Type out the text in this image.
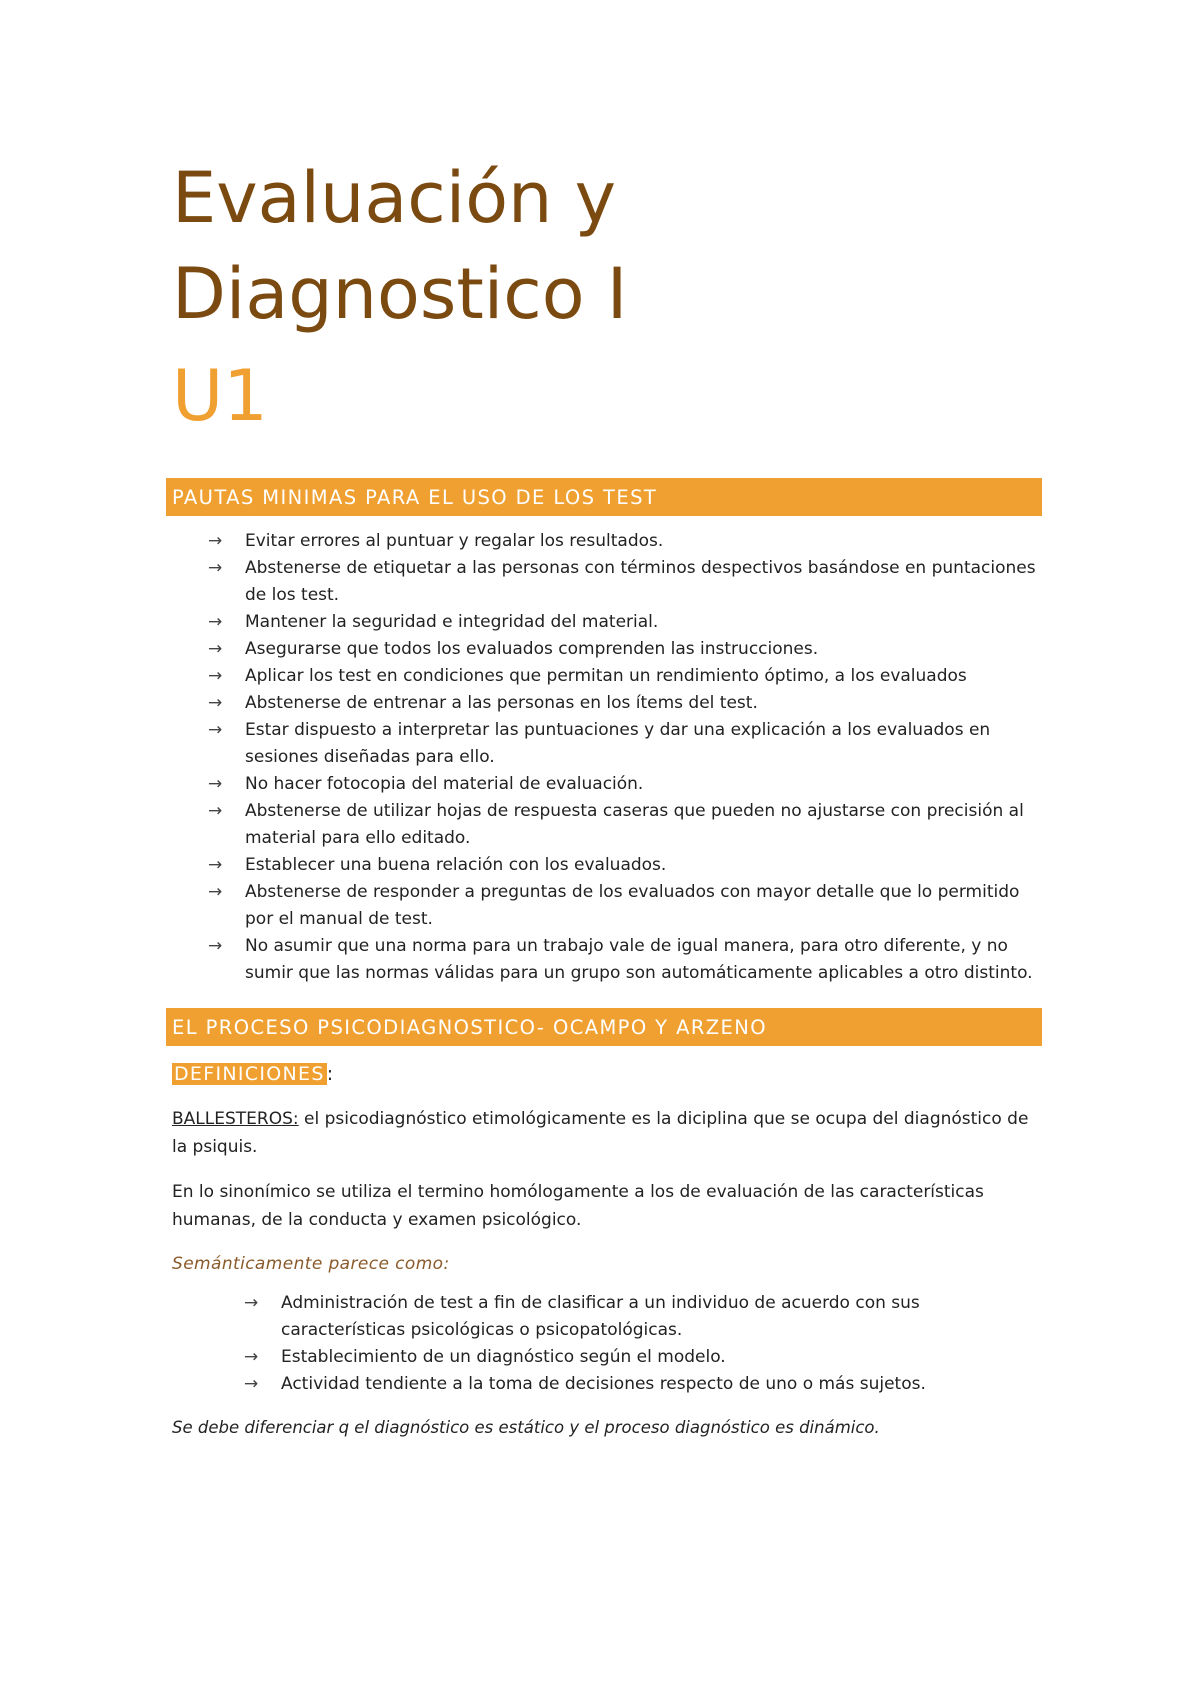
Evaluación y
Diagnostico I
U1
PAUTAS MINIMAS PARA EL USO DE LOS TEST
→ Evitar errores al puntuar y regalar los resultados.
→ Abstenerse de etiquetar a las personas con términos despectivos basándose en puntaciones de los test.
→ Mantener la seguridad e integridad del material.
→ Asegurarse que todos los evaluados comprenden las instrucciones.
→ Aplicar los test en condiciones que permitan un rendimiento óptimo, a los evaluados
→ Abstenerse de entrenar a las personas en los ítems del test.
→ Estar dispuesto a interpretar las puntuaciones y dar una explicación a los evaluados en sesiones diseñadas para ello.
→ No hacer fotocopia del material de evaluación.
→ Abstenerse de utilizar hojas de respuesta caseras que pueden no ajustarse con precisión al material para ello editado.
→ Establecer una buena relación con los evaluados.
→ Abstenerse de responder a preguntas de los evaluados con mayor detalle que lo permitido por el manual de test.
→ No asumir que una norma para un trabajo vale de igual manera, para otro diferente, y no sumir que las normas válidas para un grupo son automáticamente aplicables a otro distinto.
EL PROCESO PSICODIAGNOSTICO- OCAMPO Y ARZENO
DEFINICIONES :

BALLESTEROS: el psicodiagnóstico etimológicamente es la diciplina que se ocupa del diagnóstico de la psiquis.

En lo sinonímico se utiliza el termino homólogamente a los de evaluación de las características humanas, de la conducta y examen psicológico.

Semánticamente parece como:

→ Administración de test a fin de clasificar a un individuo de acuerdo con sus características psicológicas o psicopatológicas.
→ Establecimiento de un diagnóstico según el modelo.
→ Actividad tendiente a la toma de decisiones respecto de uno o más sujetos.

Se debe diferenciar q el diagnóstico es estático y el proceso diagnóstico es dinámico.
